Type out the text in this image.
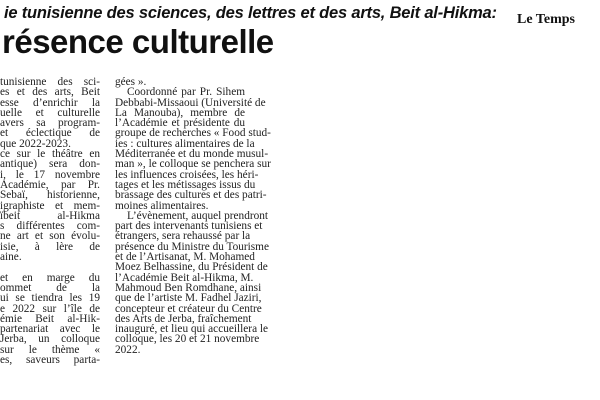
ie tunisienne des sciences, des lettres et des arts, Beit al-Hikma: Le Temps

résence culturelle
tunisienne des sci-
es et des arts, Beit
esse d’enrichir la
uelle et culturelle
avers sa program-
et éclectique de
que 2022-2023.
ce sur le théâtre en
antique) sera don-
i, le 17 novembre
Académie, par Pr.
Sebaï, historienne,
igraphiste et mem-
ïbeit al-Hikma
s différentes com-
ne art et son évolu-
isie, à lère de
aine.
et en marge du
ommet de la
ui se tiendra les 19
e 2022 sur l’île de
émie Beit al-Hik-
partenariat avec le
Jerba, un colloque
sur le thème «
es, saveurs parta-
gées ».
Coordonné par Pr. Sihem
Debbabi-Missaoui (Université de
La Manouba), membre de
l’Académie et présidente du
groupe de recherches « Food stud-
ies : cultures alimentaires de la
Méditerranée et du monde musul-
man », le colloque se penchera sur
les influences croisées, les héri-
tages et les métissages issus du
brassage des cultures et des patri-
moines alimentaires.
L’évènement, auquel prendront
part des intervenants tunisiens et
étrangers, sera rehaussé par la
présence du Ministre du Tourisme
et de l’Artisanat, M. Mohamed
Moez Belhassine, du Président de
l’Académie Beit al-Hikma, M.
Mahmoud Ben Romdhane, ainsi
que de l’artiste M. Fadhel Jaziri,
concepteur et créateur du Centre
des Arts de Jerba, fraîchement
inauguré, et lieu qui accueillera le
colloque, les 20 et 21 novembre
2022.
